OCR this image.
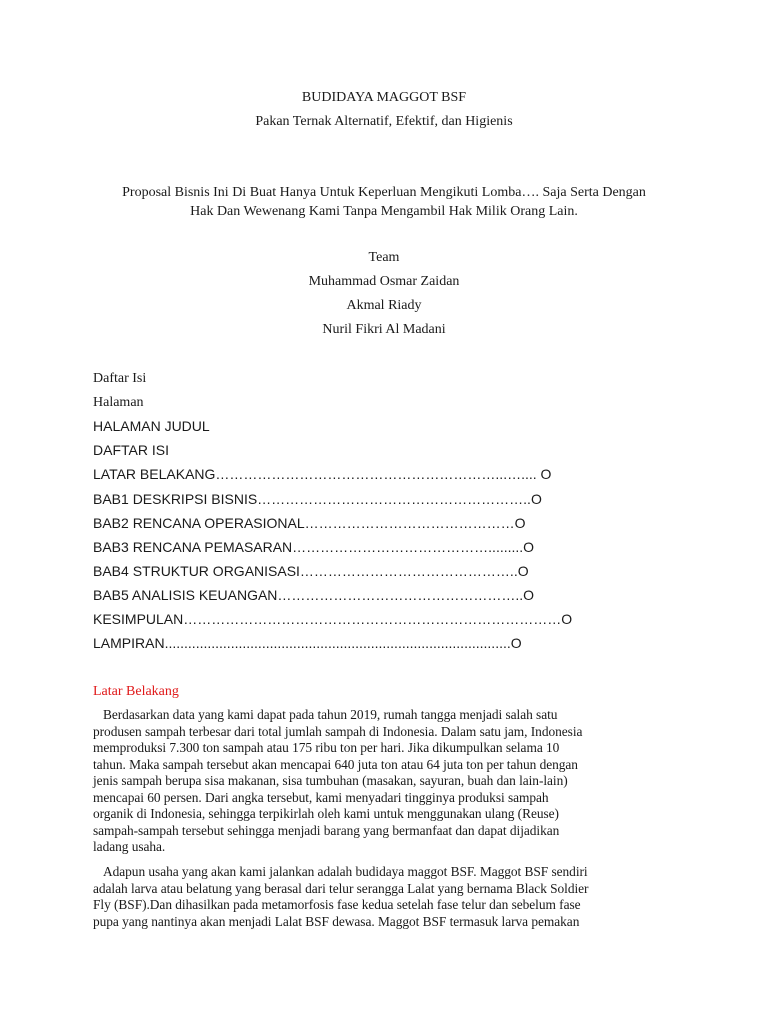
BUDIDAYA MAGGOT BSF
Pakan Ternak Alternatif, Efektif, dan Higienis
Proposal Bisnis Ini Di Buat Hanya Untuk Keperluan Mengikuti Lomba…. Saja Serta Dengan
Hak Dan Wewenang Kami Tanpa Mengambil Hak Milik Orang Lain.
Team
Muhammad Osmar Zaidan
Akmal Riady
Nuril Fikri Al Madani
Daftar Isi
Halaman
HALAMAN JUDUL
DAFTAR ISI
LATAR BELAKANG……………………………………………………...….... O
BAB1 DESKRIPSI BISNIS…………………………………………………..O
BAB2 RENCANA OPERASIONAL………………………………………O
BAB3 RENCANA PEMASARAN…………………………………….........O
BAB4 STRUKTUR ORGANISASI………………………………………..O
BAB5 ANALISIS KEUANGAN……………………………………………..O
KESIMPULAN………………………………………………………………………O
LAMPIRAN.........................................................................................O
Latar Belakang
Berdasarkan data yang kami dapat pada tahun 2019, rumah tangga menjadi salah satu
produsen sampah terbesar dari total jumlah sampah di Indonesia. Dalam satu jam, Indonesia
memproduksi 7.300 ton sampah atau 175 ribu ton per hari. Jika dikumpulkan selama 10
tahun. Maka sampah tersebut akan mencapai 640 juta ton atau 64 juta ton per tahun dengan
jenis sampah berupa sisa makanan, sisa tumbuhan (masakan, sayuran, buah dan lain-lain)
mencapai 60 persen. Dari angka tersebut, kami menyadari tingginya produksi sampah
organik di Indonesia, sehingga terpikirlah oleh kami untuk menggunakan ulang (Reuse)
sampah-sampah tersebut sehingga menjadi barang yang bermanfaat dan dapat dijadikan
ladang usaha.
Adapun usaha yang akan kami jalankan adalah budidaya maggot BSF. Maggot BSF sendiri
adalah larva atau belatung yang berasal dari telur serangga Lalat yang bernama Black Soldier
Fly (BSF).Dan dihasilkan pada metamorfosis fase kedua setelah fase telur dan sebelum fase
pupa yang nantinya akan menjadi Lalat BSF dewasa. Maggot BSF termasuk larva pemakan
